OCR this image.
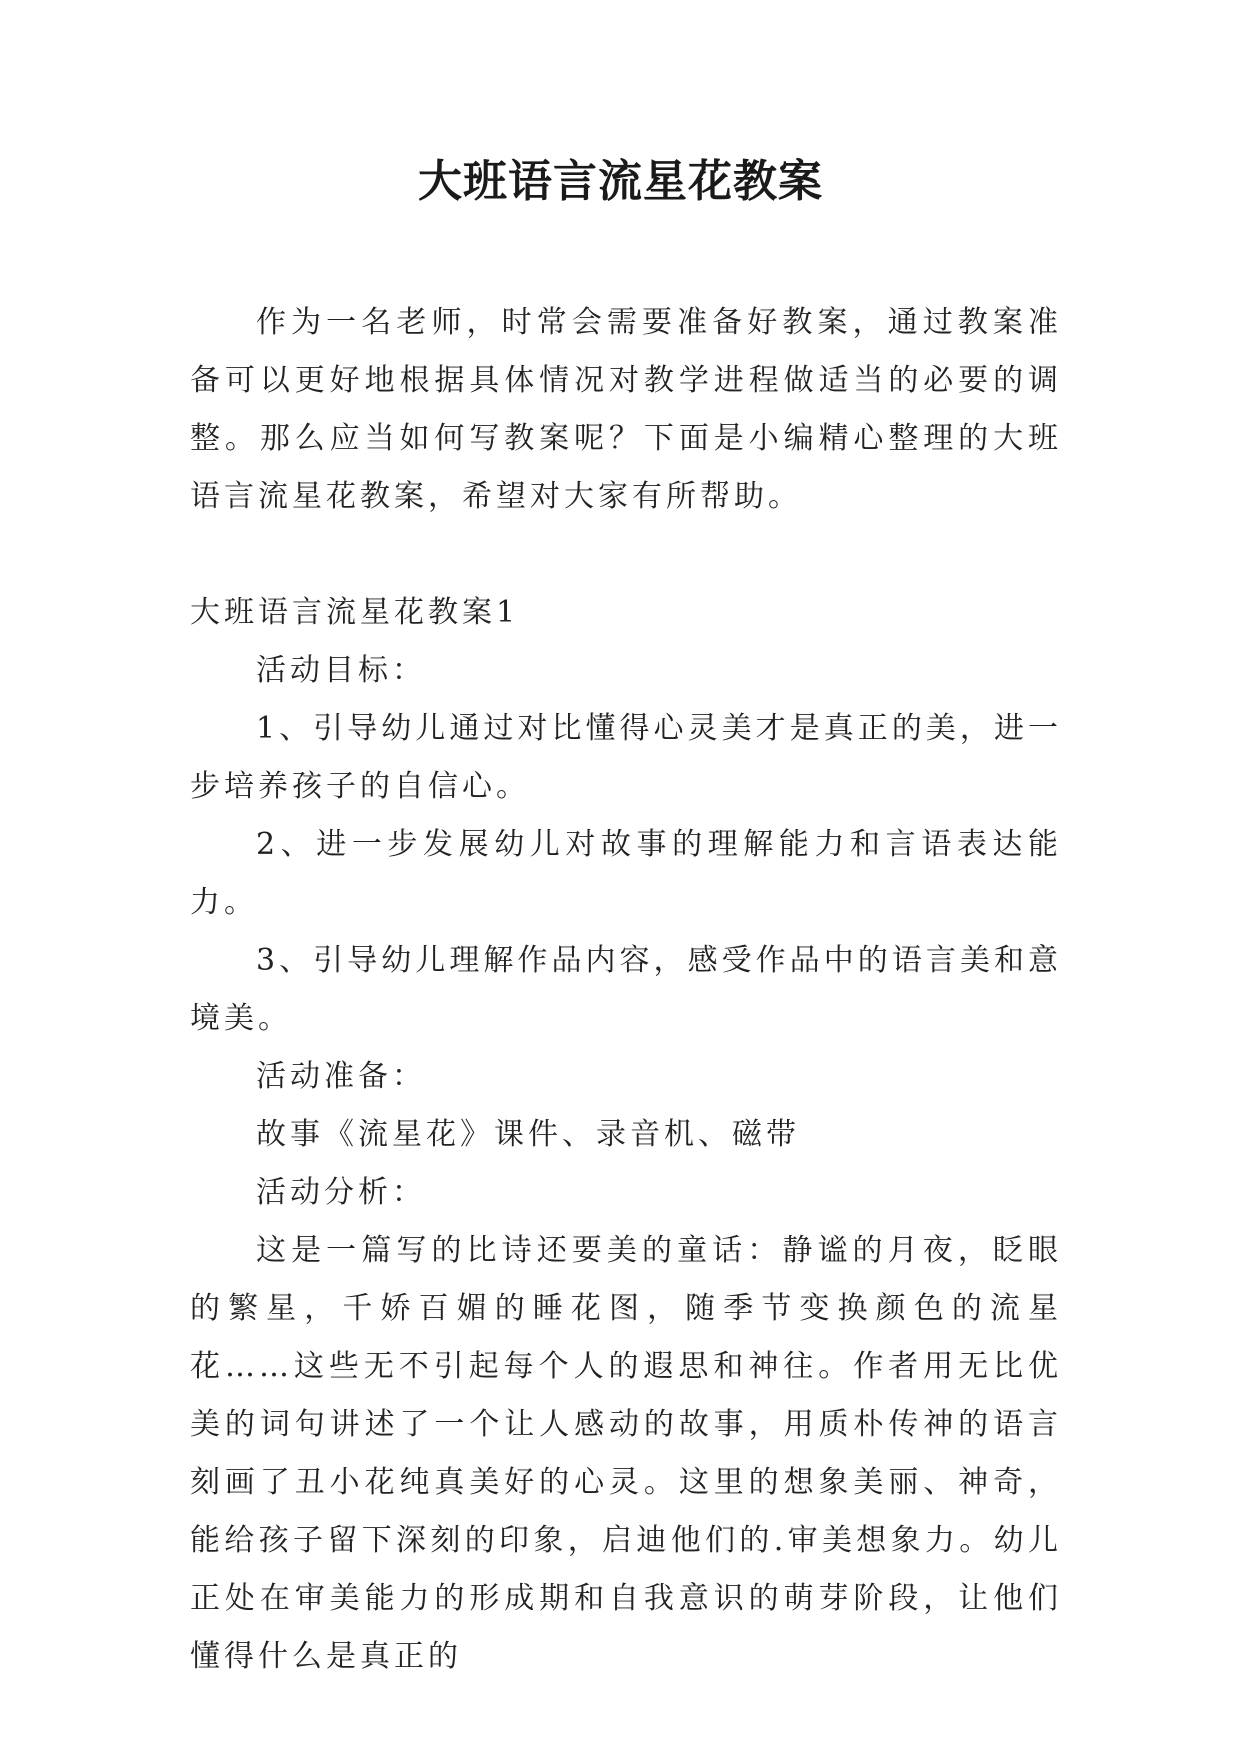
大班语言流星花教案

作为一名老师，时常会需要准备好教案，通过教案准备可以更好地根据具体情况对教学进程做适当的必要的调整。那么应当如何写教案呢？下面是小编精心整理的大班语言流星花教案，希望对大家有所帮助。

大班语言流星花教案1

活动目标：

1、引导幼儿通过对比懂得心灵美才是真正的美，进一步培养孩子的自信心。

2、进一步发展幼儿对故事的理解能力和言语表达能力。

3、引导幼儿理解作品内容，感受作品中的语言美和意境美。

活动准备：

故事《流星花》课件、录音机、磁带

活动分析：

这是一篇写的比诗还要美的童话：静谧的月夜，眨眼的繁星，千娇百媚的睡花图，随季节变换颜色的流星花……这些无不引起每个人的遐思和神往。作者用无比优美的词句讲述了一个让人感动的故事，用质朴传神的语言刻画了丑小花纯真美好的心灵。这里的想象美丽、神奇，能给孩子留下深刻的印象，启迪他们的.审美想象力。幼儿正处在审美能力的形成期和自我意识的萌芽阶段，让他们懂得什么是真正的
